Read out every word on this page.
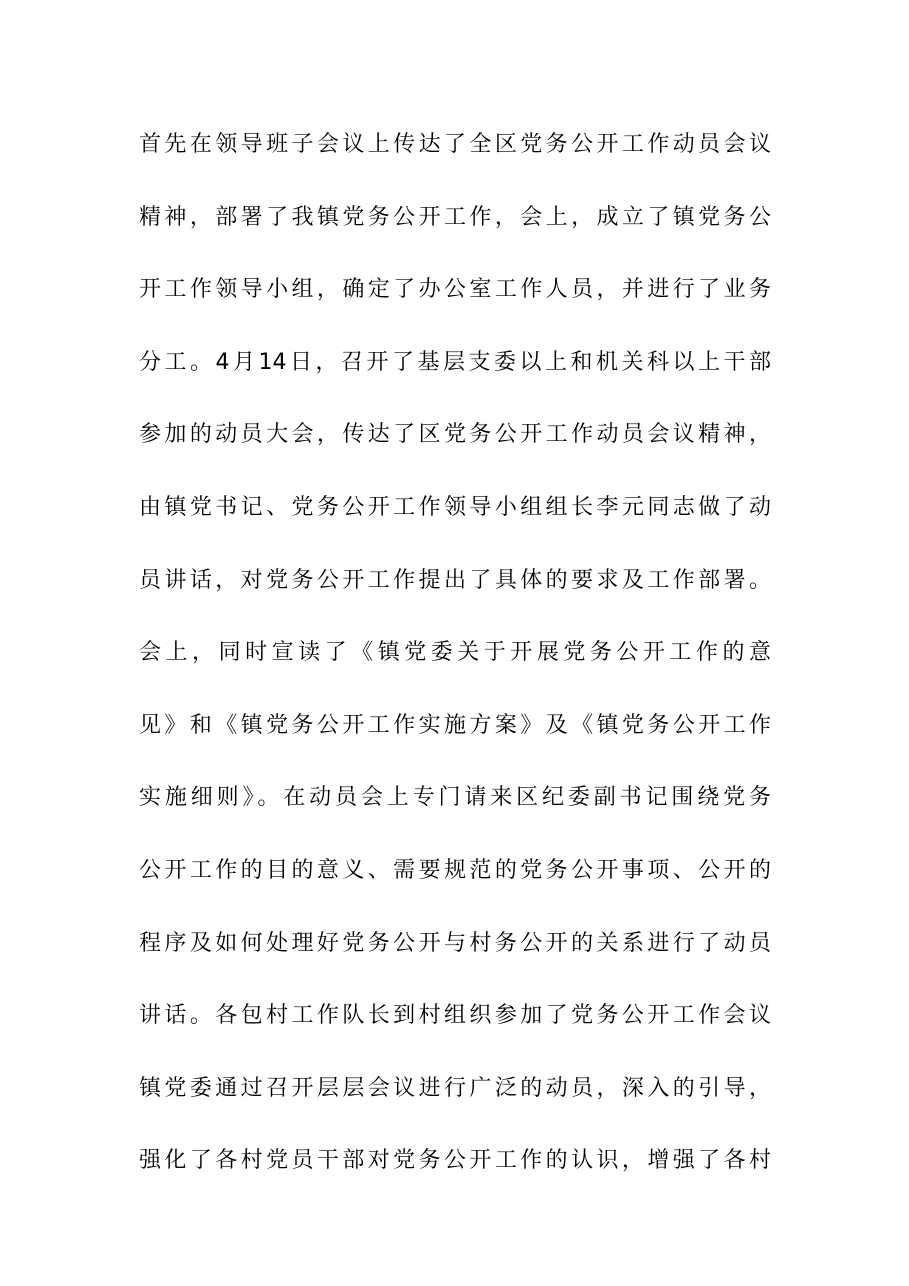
首先在领导班子会议上传达了全区党务公开工作动员会议
精神，部署了我镇党务公开工作，会上，成立了镇党务公
开工作领导小组，确定了办公室工作人员，并进行了业务
分工。4月14日，召开了基层支委以上和机关科以上干部
参加的动员大会，传达了区党务公开工作动员会议精神，
由镇党书记、党务公开工作领导小组组长李元同志做了动
员讲话，对党务公开工作提出了具体的要求及工作部署。
会上，同时宣读了《镇党委关于开展党务公开工作的意
见》和《镇党务公开工作实施方案》及《镇党务公开工作
实施细则》。在动员会上专门请来区纪委副书记围绕党务
公开工作的目的意义、需要规范的党务公开事项、公开的
程序及如何处理好党务公开与村务公开的关系进行了动员
讲话。各包村工作队长到村组织参加了党务公开工作会议
镇党委通过召开层层会议进行广泛的动员，深入的引导，
强化了各村党员干部对党务公开工作的认识，增强了各村
